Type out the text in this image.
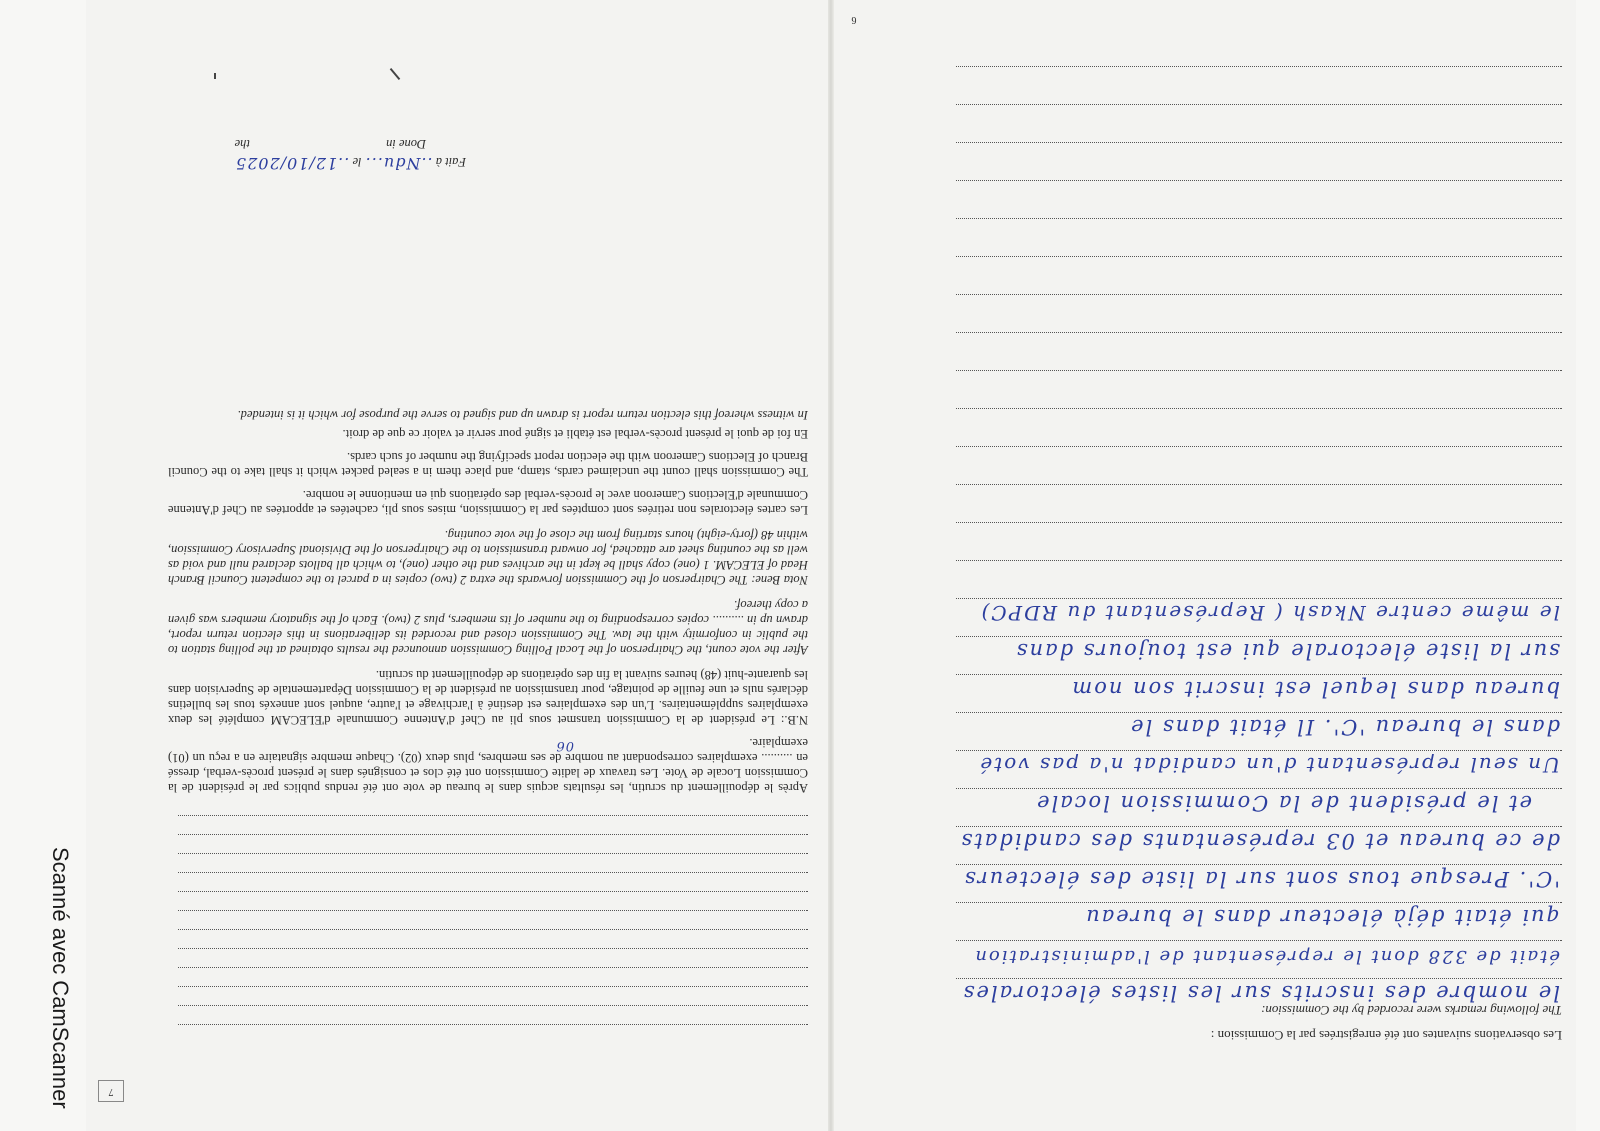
Scanné avec CamScanner	7

Après le dépouillement du scrutin, les résultats acquis dans le bureau de vote ont été rendus publics par le président de la Commission Locale de Vote. Les travaux de ladite Commission ont été clos et consignés dans le présent procès-verbal, dressé en .......... exemplaires correspondant au nombre de ses membres, plus deux (02). Chaque membre signataire en a reçu un (01) exemplaire.

N.B.: Le président de la Commission transmet sous pli au Chef d'Antenne Communale d'ELECAM complété les deux exemplaires supplémentaires. L'un des exemplaires est destiné à l'archivage et l'autre, auquel sont annexés tous les bulletins déclarés nuls et une feuille de pointage, pour transmission au président de la Commission Départementale de Supervision dans les quarante-huit (48) heures suivant la fin des opérations de dépouillement du scrutin.

After the vote count, the Chairperson of the Local Polling Commission announced the results obtained at the polling station to the public in conformity with the law. The Commission closed and recorded its deliberations in this election return report, drawn up in .......... copies corresponding to the number of its members, plus 2 (two). Each of the signatory members was given a copy thereof.

Nota Bene: The Chairperson of the Commission forwards the extra 2 (two) copies in a parcel to the competent Council Branch Head of ELECAM. 1 (one) copy shall be kept in the archives and the other (one), to which all ballots declared null and void as well as the counting sheet are attached, for onward transmission to the Chairperson of the Divisional Supervisory Commission, within 48 (forty-eight) hours starting from the close of the vote counting.

Les cartes électorales non retirées sont comptées par la Commission, mises sous pli, cachetées et apportées au Chef d'Antenne Communale d'Elections Cameroon avec le procès-verbal des opérations qui en mentionne le nombre.

The Commission shall count the unclaimed cards, stamp, and place them in a sealed packet which it shall take to the Council Branch of Elections Cameroon with the election report specifying the number of such cards.

En foi de quoi le présent procès-verbal est établi et signé pour servir et valoir ce que de droit.

In witness whereof this election return report is drawn up and signed to serve the purpose for which it is intended.

Fait à ..Ndu... le ..12/10/2025
Done in  the
06
6
Les observations suivantes ont été enregistrées par la Commission :
The following remarks were recorded by the Commission:
le nombre des inscrits sur les listes électorales
était de 328 dont le représentant de l'administration
qui était déjà électeur dans le bureau
'C'. Presque tous sont sur la liste des électeurs
de ce bureau et 03 représentants des candidats
et le président de la Commission locale
Un seul représentant d'un candidat n'a pas voté
dans le bureau 'C'. Il était dans le
bureau dans lequel est inscrit son nom
sur la liste électorale qui est toujours dans
le même centre Nkash ( Représentant du RDPC)
